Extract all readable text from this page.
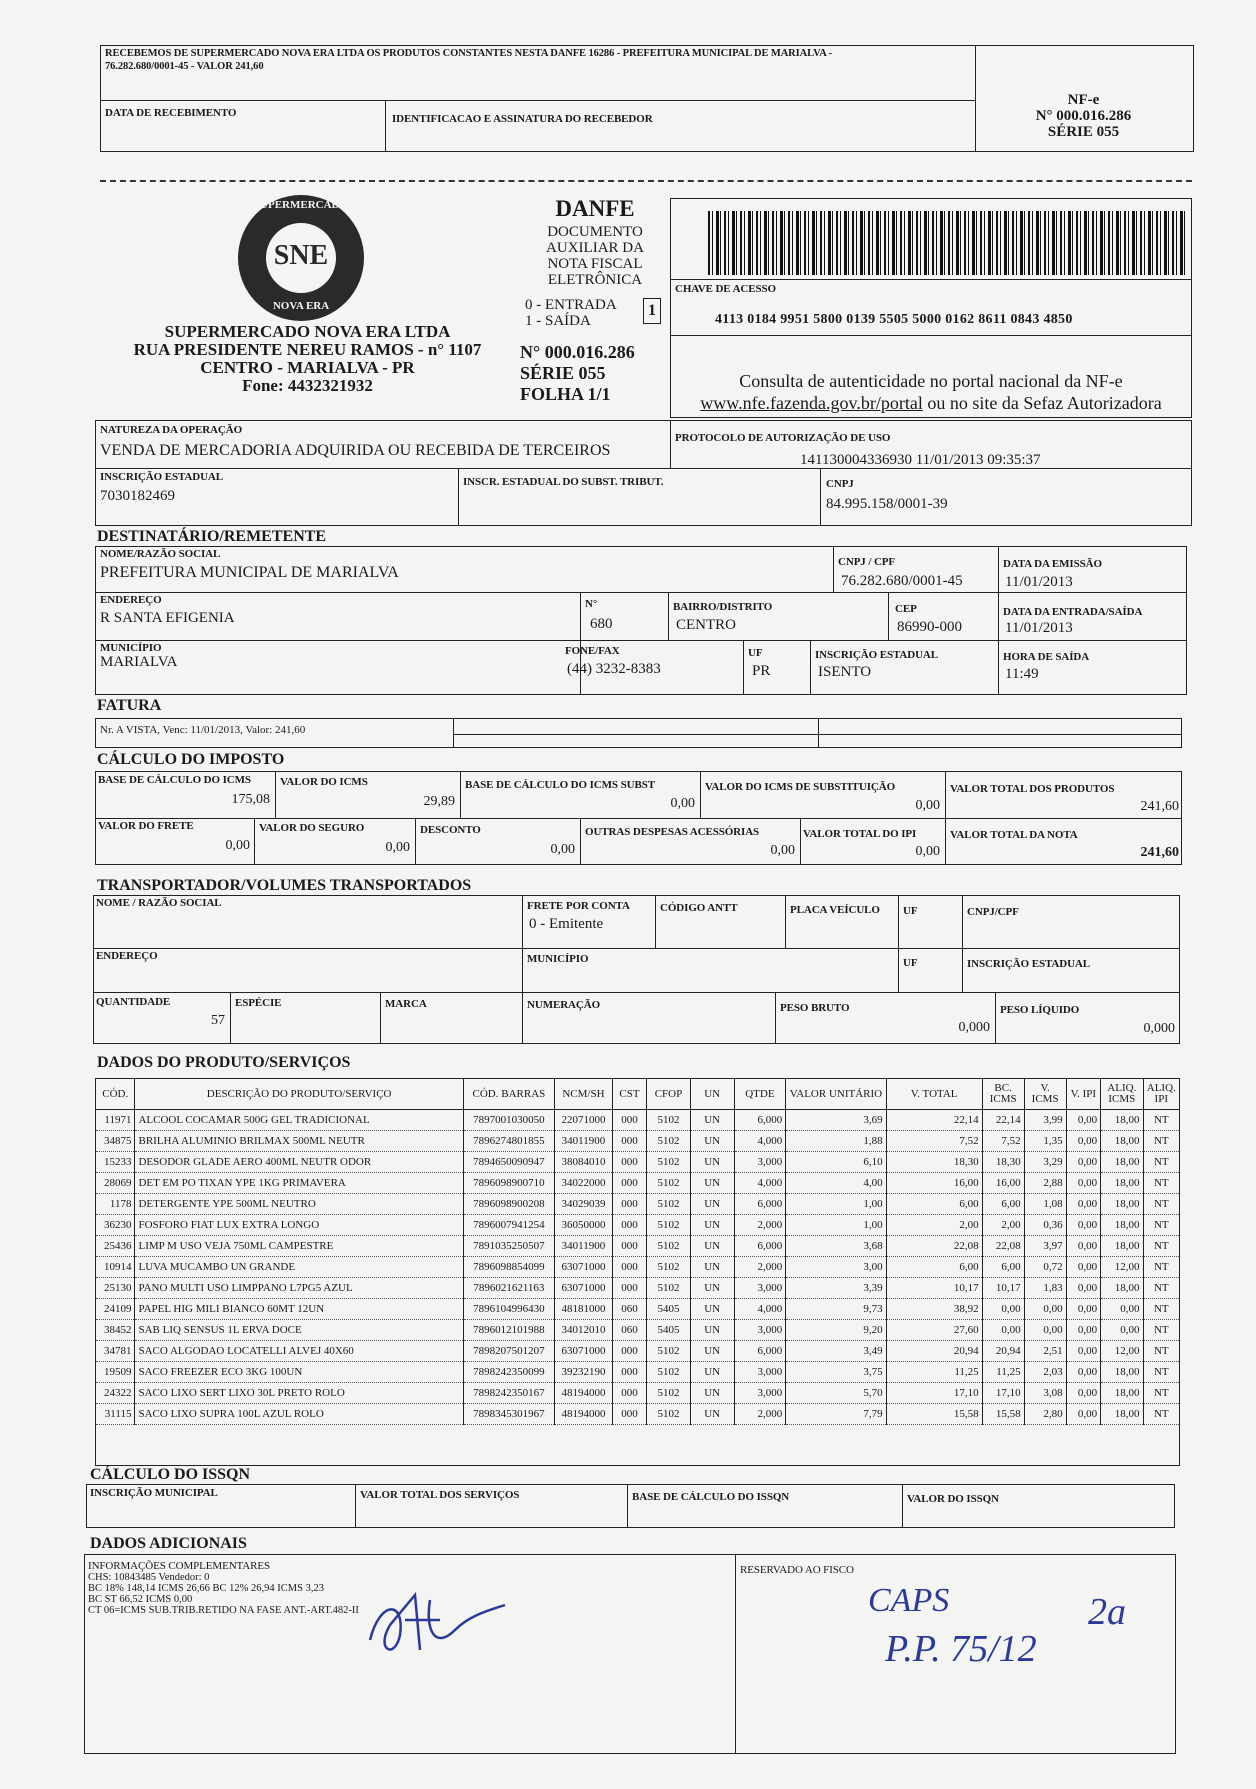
RECEBEMOS DE SUPERMERCADO NOVA ERA LTDA OS PRODUTOS CONSTANTES NESTA DANFE 16286 - PREFEITURA MUNICIPAL DE MARIALVA -
76.282.680/0001-45 - VALOR 241,60
DATA DE RECEBIMENTO	IDENTIFICACAO E ASSINATURA DO RECEBEDOR
NF-e
N° 000.016.286
SÉRIE 055
SUPERMERCADO
SNE
NOVA ERA
SUPERMERCADO NOVA ERA LTDA
RUA PRESIDENTE NEREU RAMOS - n° 1107
CENTRO - MARIALVA - PR
Fone: 4432321932
DANFE
DOCUMENTO
AUXILIAR DA
NOTA FISCAL
ELETRÔNICA
0 - ENTRADA
1 - SAÍDA
1
N° 000.016.286
SÉRIE 055
FOLHA 1/1
CHAVE DE ACESSO
4113 0184 9951 5800 0139 5505 5000 0162 8611 0843 4850
Consulta de autenticidade no portal nacional da NF-e
www.nfe.fazenda.gov.br/portal ou no site da Sefaz Autorizadora
NATUREZA DA OPERAÇÃO
VENDA DE MERCADORIA ADQUIRIDA OU RECEBIDA DE TERCEIROS
PROTOCOLO DE AUTORIZAÇÃO DE USO
141130004336930 11/01/2013 09:35:37
INSCRIÇÃO ESTADUAL
7030182469
INSCR. ESTADUAL DO SUBST. TRIBUT.	CNPJ
84.995.158/0001-39
DESTINATÁRIO/REMETENTE
NOME/RAZÃO SOCIAL
PREFEITURA MUNICIPAL DE MARIALVA
CNPJ / CPF
76.282.680/0001-45
DATA DA EMISSÃO
11/01/2013
ENDEREÇO
R SANTA EFIGENIA
N°
680
BAIRRO/DISTRITO
CENTRO
CEP
86990-000
DATA DA ENTRADA/SAÍDA
11/01/2013
MUNICÍPIO
MARIALVA
FONE/FAX
(44) 3232-8383
UF
PR
INSCRIÇÃO ESTADUAL
ISENTO
HORA DE SAÍDA
11:49
FATURA
Nr. A VISTA, Venc: 11/01/2013, Valor: 241,60
CÁLCULO DO IMPOSTO
BASE DE CÁLCULO DO ICMS
175,08
VALOR DO ICMS
29,89
BASE DE CÁLCULO DO ICMS SUBST
0,00
VALOR DO ICMS DE SUBSTITUIÇÃO
0,00
VALOR TOTAL DOS PRODUTOS
241,60
VALOR DO FRETE
0,00
VALOR DO SEGURO
0,00
DESCONTO
0,00
OUTRAS DESPESAS ACESSÓRIAS
0,00
VALOR TOTAL DO IPI
0,00
VALOR TOTAL DA NOTA
241,60
TRANSPORTADOR/VOLUMES TRANSPORTADOS
NOME / RAZÃO SOCIAL	FRETE POR CONTA
0 - Emitente
CÓDIGO ANTT	PLACA VEÍCULO UF	CNPJ/CPF
ENDEREÇO	MUNICÍPIO	UF	INSCRIÇÃO ESTADUAL
QUANTIDADE
57
ESPÉCIE	MARCA	NUMERAÇÃO	PESO BRUTO
0,000
PESO LÍQUIDO
0,000
DADOS DO PRODUTO/SERVIÇOS
CÓD.	DESCRIÇÃO DO PRODUTO/SERVIÇO	CÓD. BARRAS	NCM/SH	CST	CFOP	UN	QTDE	VALOR UNITÁRIO	V. TOTAL	BC. ICMS	V. ICMS	V. IPI	ALIQ. ICMS	ALIQ. IPI
11971	ALCOOL COCAMAR 500G GEL TRADICIONAL	7897001030050	22071000	000	5102	UN	6,000	3,69	22,14	22,14	3,99	0,00	18,00	NT
34875	BRILHA ALUMINIO BRILMAX 500ML NEUTR	7896274801855	34011900	000	5102	UN	4,000	1,88	7,52	7,52	1,35	0,00	18,00	NT
15233	DESODOR GLADE AERO 400ML NEUTR ODOR	7894650090947	38084010	000	5102	UN	3,000	6,10	18,30	18,30	3,29	0,00	18,00	NT
28069	DET EM PO TIXAN YPE 1KG PRIMAVERA	7896098900710	34022000	000	5102	UN	4,000	4,00	16,00	16,00	2,88	0,00	18,00	NT
1178	DETERGENTE YPE 500ML NEUTRO	7896098900208	34029039	000	5102	UN	6,000	1,00	6,00	6,00	1,08	0,00	18,00	NT
36230	FOSFORO FIAT LUX EXTRA LONGO	7896007941254	36050000	000	5102	UN	2,000	1,00	2,00	2,00	0,36	0,00	18,00	NT
25436	LIMP M USO VEJA 750ML CAMPESTRE	7891035250507	34011900	000	5102	UN	6,000	3,68	22,08	22,08	3,97	0,00	18,00	NT
10914	LUVA MUCAMBO UN GRANDE	7896098854099	63071000	000	5102	UN	2,000	3,00	6,00	6,00	0,72	0,00	12,00	NT
25130	PANO MULTI USO LIMPPANO L7PG5 AZUL	7896021621163	63071000	000	5102	UN	3,000	3,39	10,17	10,17	1,83	0,00	18,00	NT
24109	PAPEL HIG MILI BIANCO 60MT 12UN	7896104996430	48181000	060	5405	UN	4,000	9,73	38,92	0,00	0,00	0,00	0,00	NT
38452	SAB LIQ SENSUS 1L ERVA DOCE	7896012101988	34012010	060	5405	UN	3,000	9,20	27,60	0,00	0,00	0,00	0,00	NT
34781	SACO ALGODAO LOCATELLI ALVEJ 40X60	7898207501207	63071000	000	5102	UN	6,000	3,49	20,94	20,94	2,51	0,00	12,00	NT
19509	SACO FREEZER ECO 3KG 100UN	7898242350099	39232190	000	5102	UN	3,000	3,75	11,25	11,25	2,03	0,00	18,00	NT
24322	SACO LIXO SERT LIXO 30L PRETO ROLO	7898242350167	48194000	000	5102	UN	3,000	5,70	17,10	17,10	3,08	0,00	18,00	NT
31115	SACO LIXO SUPRA 100L AZUL ROLO	7898345301967	48194000	000	5102	UN	2,000	7,79	15,58	15,58	2,80	0,00	18,00	NT
CÁLCULO DO ISSQN
INSCRIÇÃO MUNICIPAL	VALOR TOTAL DOS SERVIÇOS	BASE DE CÁLCULO DO ISSQN	VALOR DO ISSQN
DADOS ADICIONAIS
INFORMAÇÕES COMPLEMENTARES
CHS: 10843485 Vendedor: 0
BC 18% 148,14 ICMS 26,66 BC 12% 26,94 ICMS 3,23
BC ST 66,52 ICMS 0,00
CT 06=ICMS SUB.TRIB.RETIDO NA FASE ANT.-ART.482-II
RESERVADO AO FISCO
CAPS
P.P. 75/12
2a
